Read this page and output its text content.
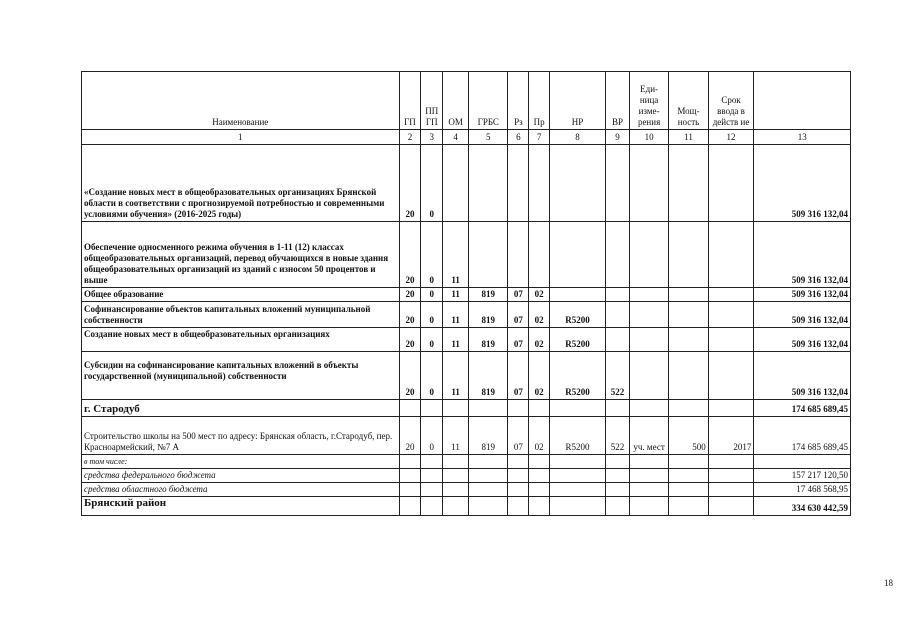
Наименование	ГП	ПП ГП	ОМ	ГРБС	Рз	Пр	НР	ВР	Еди-ница изме-рения	Мощ-ность	Срок ввода в действ ие	
1	2	3	4	5	6	7	8	9	10	11	12	13
«Создание новых мест в общеобразовательных организациях Брянской области в соответствии с прогнозируемой потребностью и современными условиями обучения» (2016-2025 годы)	20	0										509 316 132,04
Обеспечение односменного режима обучения в 1-11 (12) классах общеобразовательных организаций, перевод обучающихся в новые здания общеобразовательных организаций из зданий с износом 50 процентов и выше	20	0	11									509 316 132,04
Общее образование	20	0	11	819	07	02						509 316 132,04
Софинансирование объектов капитальных вложений муниципальной собственности	20	0	11	819	07	02	R5200					509 316 132,04
Создание новых мест в общеобразовательных организациях	20	0	11	819	07	02	R5200					509 316 132,04
Субсидии на софинансирование капитальных вложений в объекты государственной (муниципальной) собственности	20	0	11	819	07	02	R5200	522				509 316 132,04
г. Стародуб												174 685 689,45
Строительство школы на 500 мест по адресу: Брянская область, г.Стародуб, пер. Красноармейский, №7 А	20	0	11	819	07	02	R5200	522	уч. мест	500	2017	174 685 689,45
в том числе:												
средства федерального бюджета												157 217 120,50
средства областного бюджета												17 468 568,95
Брянский район												334 630 442,59
18
